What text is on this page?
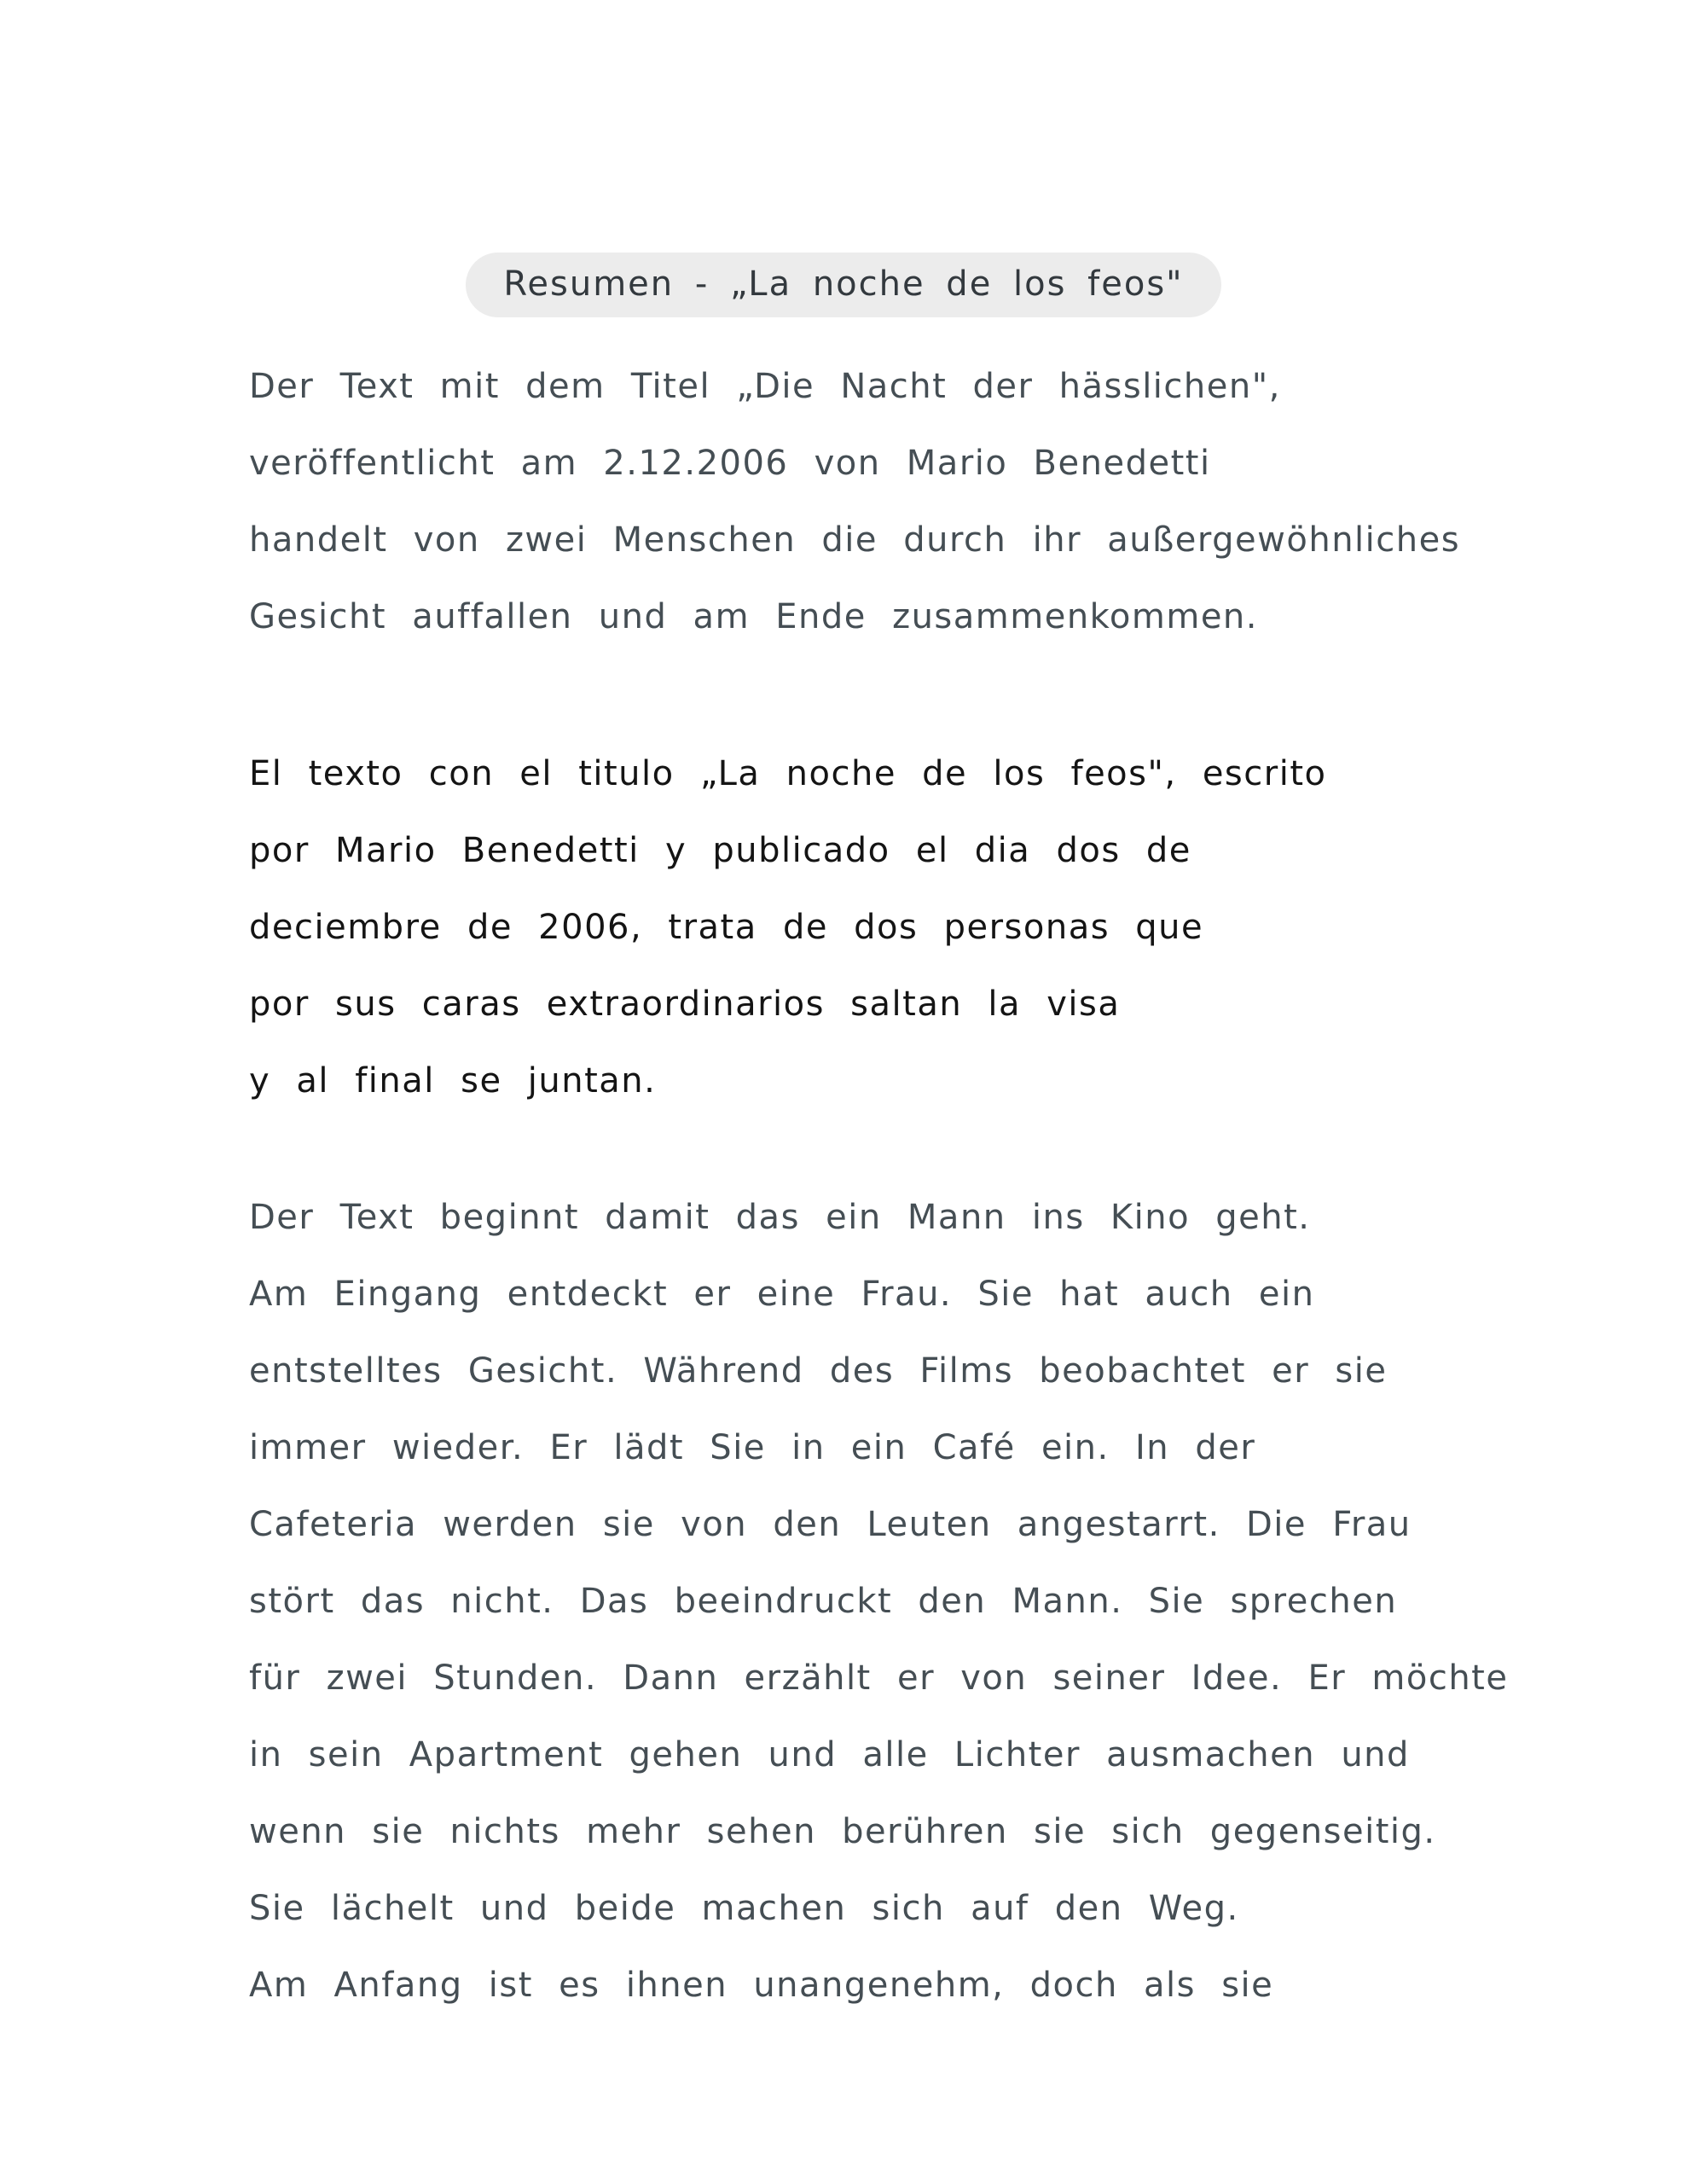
Resumen - „La noche de los feos"
Der Text mit dem Titel „Die Nacht der hässlichen",
veröffentlicht am 2.12.2006 von Mario Benedetti
handelt von zwei Menschen die durch ihr außergewöhnliches
Gesicht auffallen und am Ende zusammenkommen.
El texto con el titulo „La noche de los feos", escrito
por Mario Benedetti y publicado el dia dos de
deciembre de 2006, trata de dos personas que
por sus caras extraordinarios saltan la visa
y al final se juntan.
Der Text beginnt damit das ein Mann ins Kino geht.
Am Eingang entdeckt er eine Frau. Sie hat auch ein
entstelltes Gesicht. Während des Films beobachtet er sie
immer wieder. Er lädt Sie in ein Café ein. In der
Cafeteria werden sie von den Leuten angestarrt. Die Frau
stört das nicht. Das beeindruckt den Mann. Sie sprechen
für zwei Stunden. Dann erzählt er von seiner Idee. Er möchte
in sein Apartment gehen und alle Lichter ausmachen und
wenn sie nichts mehr sehen berühren sie sich gegenseitig.
Sie lächelt und beide machen sich auf den Weg.
Am Anfang ist es ihnen unangenehm, doch als sie
